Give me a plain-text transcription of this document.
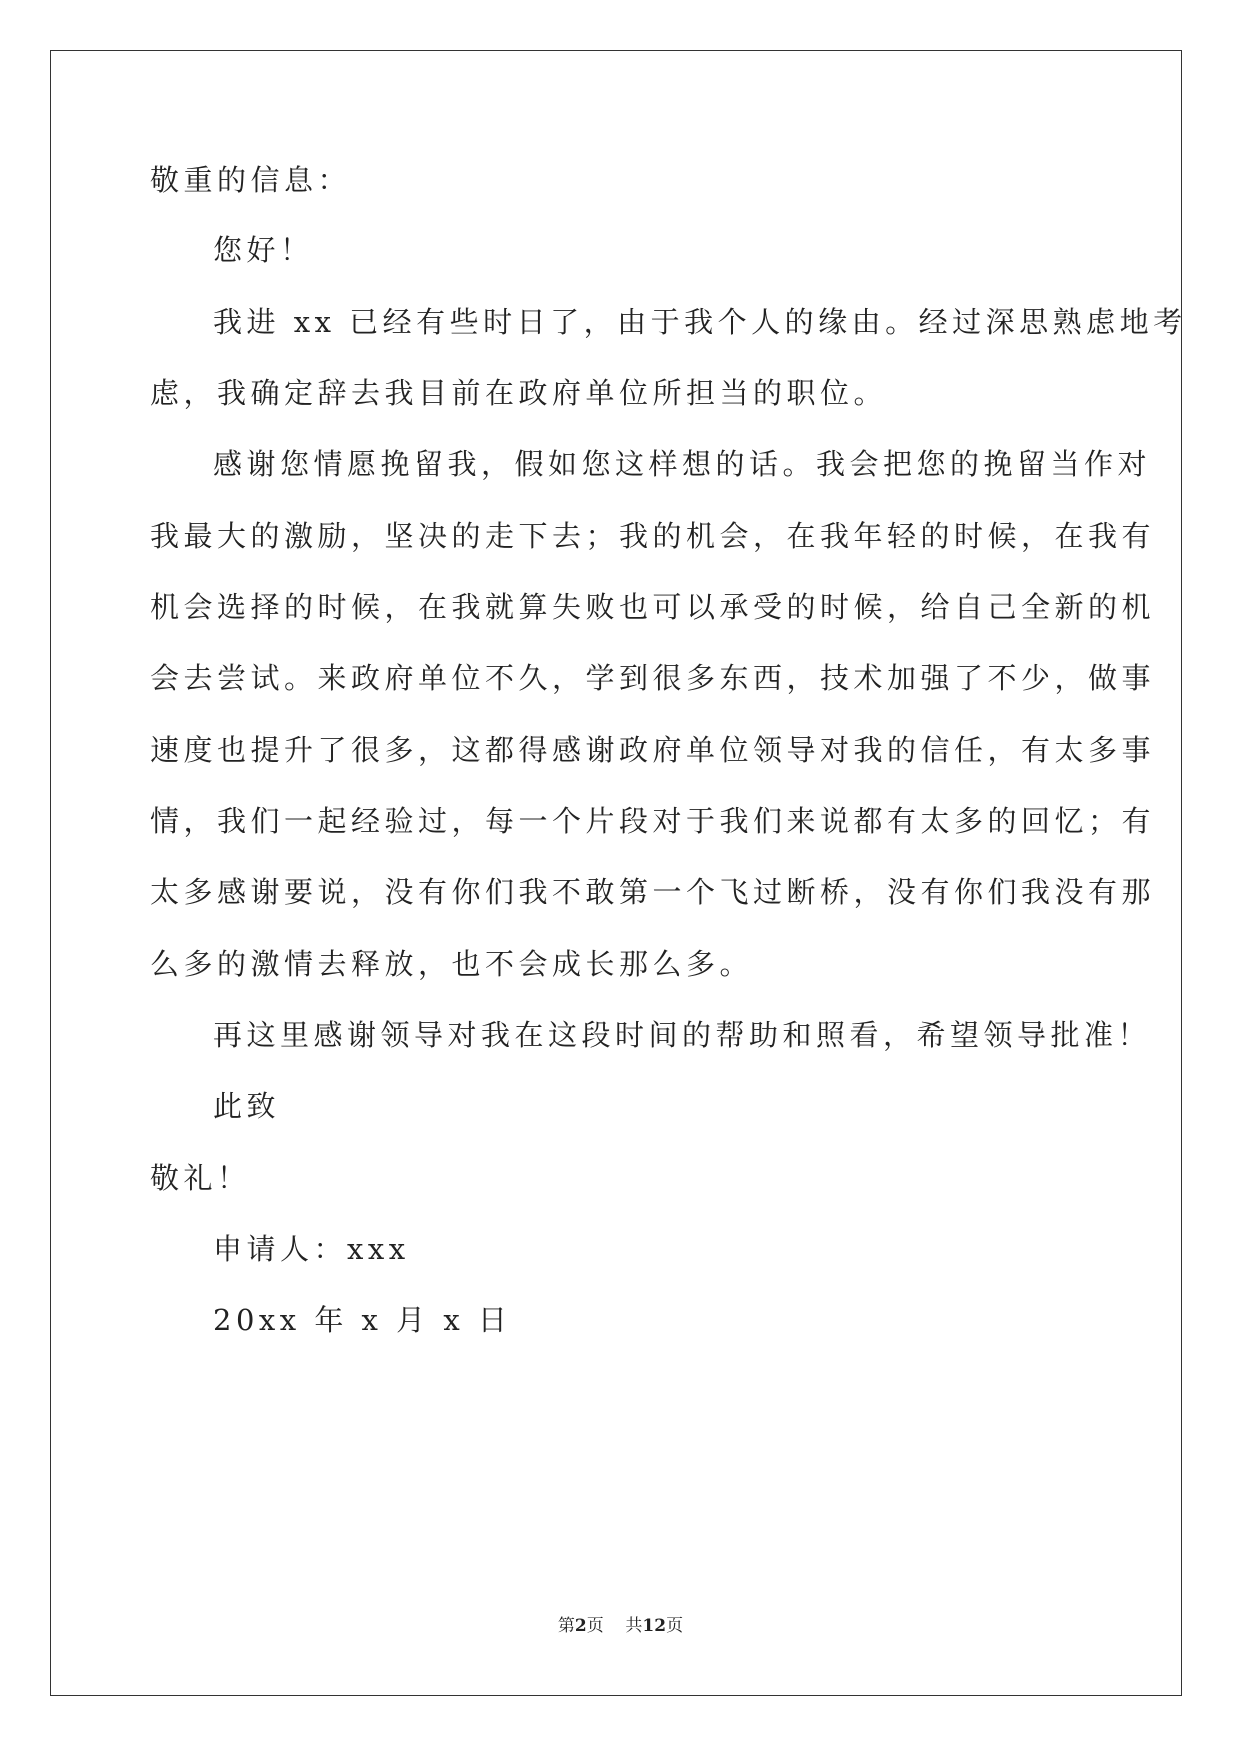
敬重的信息：
您好！
我进 xx 已经有些时日了，由于我个人的缘由。经过深思熟虑地考
虑，我确定辞去我目前在政府单位所担当的职位。
感谢您情愿挽留我，假如您这样想的话。我会把您的挽留当作对
我最大的激励，坚决的走下去；我的机会，在我年轻的时候，在我有
机会选择的时候，在我就算失败也可以承受的时候，给自己全新的机
会去尝试。来政府单位不久，学到很多东西，技术加强了不少，做事
速度也提升了很多，这都得感谢政府单位领导对我的信任，有太多事
情，我们一起经验过，每一个片段对于我们来说都有太多的回忆；有
太多感谢要说，没有你们我不敢第一个飞过断桥，没有你们我没有那
么多的激情去释放，也不会成长那么多。
再这里感谢领导对我在这段时间的帮助和照看，希望领导批准！
此致
敬礼！
申请人：xxx
20xx 年 x 月 x 日
第2页 共12页
